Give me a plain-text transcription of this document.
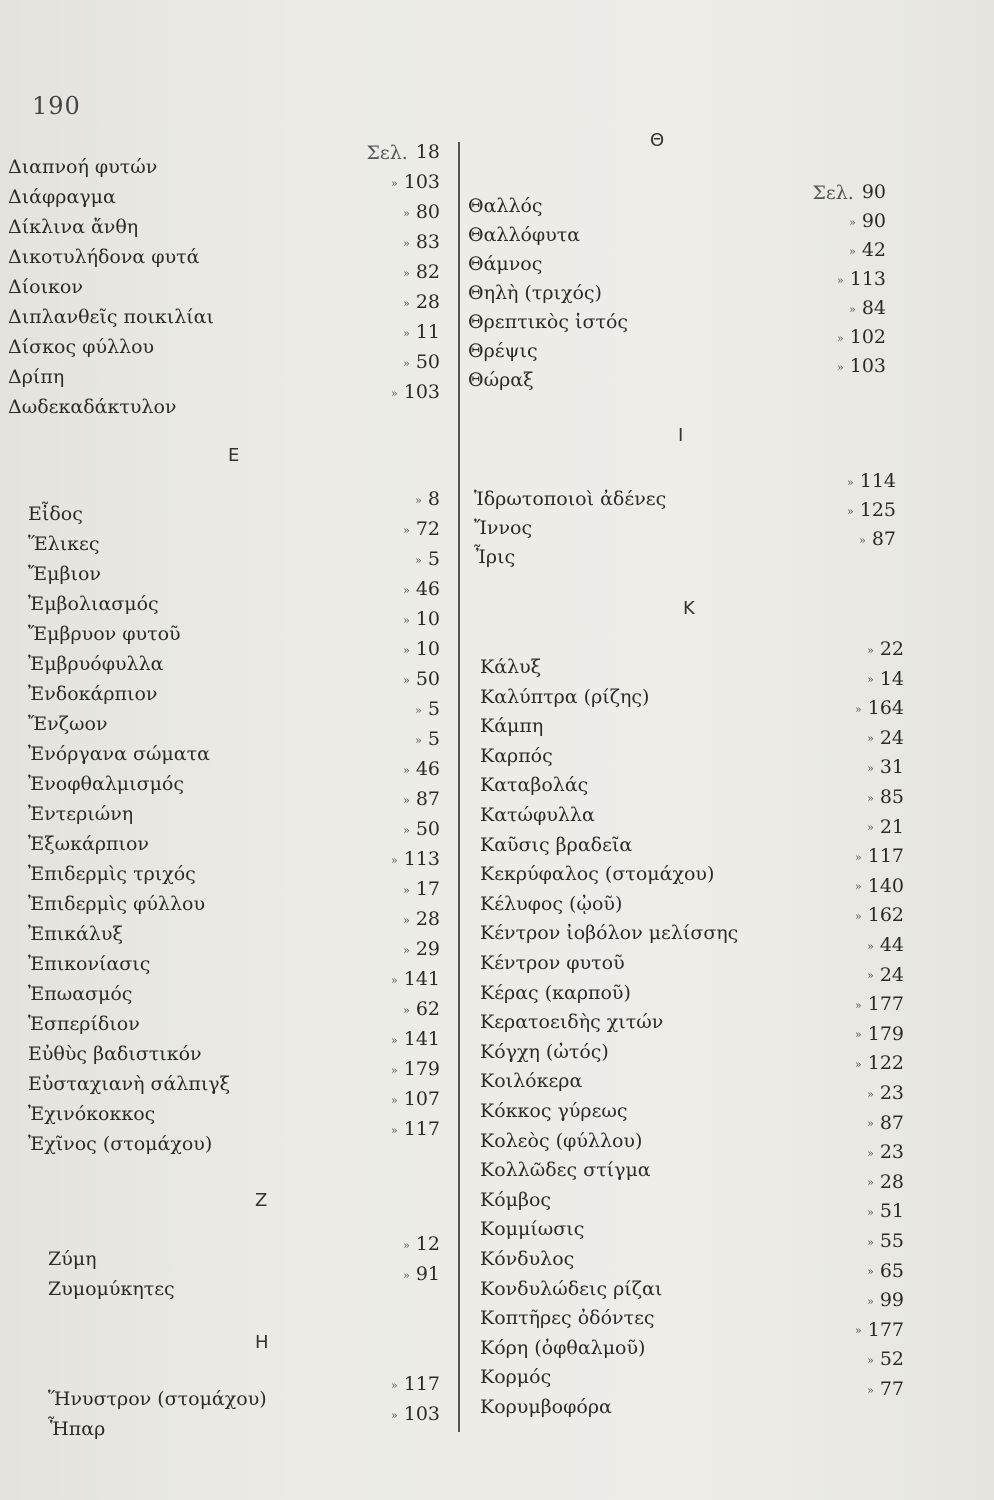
190
Διαπνοή φυτών
Διάφραγμα
Δίκλινα ἄνθη
Δικοτυλήδονα φυτά
Δίοικον
Διπλανθεῖς ποικιλίαι
Δίσκος φύλλου
Δρίπη
Δωδεκαδάκτυλον
Σελ. 18
» 103
» 80
» 83
» 82
» 28
» 11
» 50
» 103
E
Εἶδος
Ἕλικες
Ἔμβιον
Ἐμβολιασμός
Ἔμβρυον φυτοῦ
Ἐμβρυόφυλλα
Ἐνδοκάρπιον
Ἔνζωον
Ἐνόργανα σώματα
Ἐνοφθαλμισμός
Ἐντεριώνη
Ἐξωκάρπιον
Ἐπιδερμὶς τριχός
Ἐπιδερμὶς φύλλου
Ἐπικάλυξ
Ἐπικονίασις
Ἐπωασμός
Ἑσπερίδιον
Εὐθὺς βαδιστικόν
Εὐσταχιανὴ σάλπιγξ
Ἐχινόκοκκος
Ἐχῖνος (στομάχου)
» 8
» 72
» 5
» 46
» 10
» 10
» 50
» 5
» 5
» 46
» 87
» 50
» 113
» 17
» 28
» 29
» 141
» 62
» 141
» 179
» 107
» 117
Z
Ζύμη
Ζυμομύκητες
» 12
» 91
H
Ἥνυστρον (στομάχου)
Ἧπαρ
» 117
» 103
Θ
Θαλλός
Θαλλόφυτα
Θάμνος
Θηλὴ (τριχός)
Θρεπτικὸς ἱστός
Θρέψις
Θώραξ
Σελ. 90
» 90
» 42
» 113
» 84
» 102
» 103
I
Ἱδρωτοποιοὶ ἀδένες
Ἴννος
Ἶρις
» 114
» 125
» 87
K
Κάλυξ
Καλύπτρα (ρίζης)
Κάμπη
Καρπός
Καταβολάς
Κατώφυλλα
Καῦσις βραδεῖα
Κεκρύφαλος (στομάχου)
Κέλυφος (ᾠοῦ)
Κέντρον ἰοβόλον μελίσσης
Κέντρον φυτοῦ
Κέρας (καρποῦ)
Κερατοειδὴς χιτών
Κόγχη (ὠτός)
Κοιλόκερα
Κόκκος γύρεως
Κολεὸς (φύλλου)
Κολλῶδες στίγμα
Κόμβος
Κομμίωσις
Κόνδυλος
Κονδυλώδεις ρίζαι
Κοπτῆρες ὀδόντες
Κόρη (ὀφθαλμοῦ)
Κορμός
Κορυμβοφόρα
» 22
» 14
» 164
» 24
» 31
» 85
» 21
» 117
» 140
» 162
» 44
» 24
» 177
» 179
» 122
» 23
» 87
» 23
» 28
» 51
» 55
» 65
» 99
» 177
» 52
» 77
